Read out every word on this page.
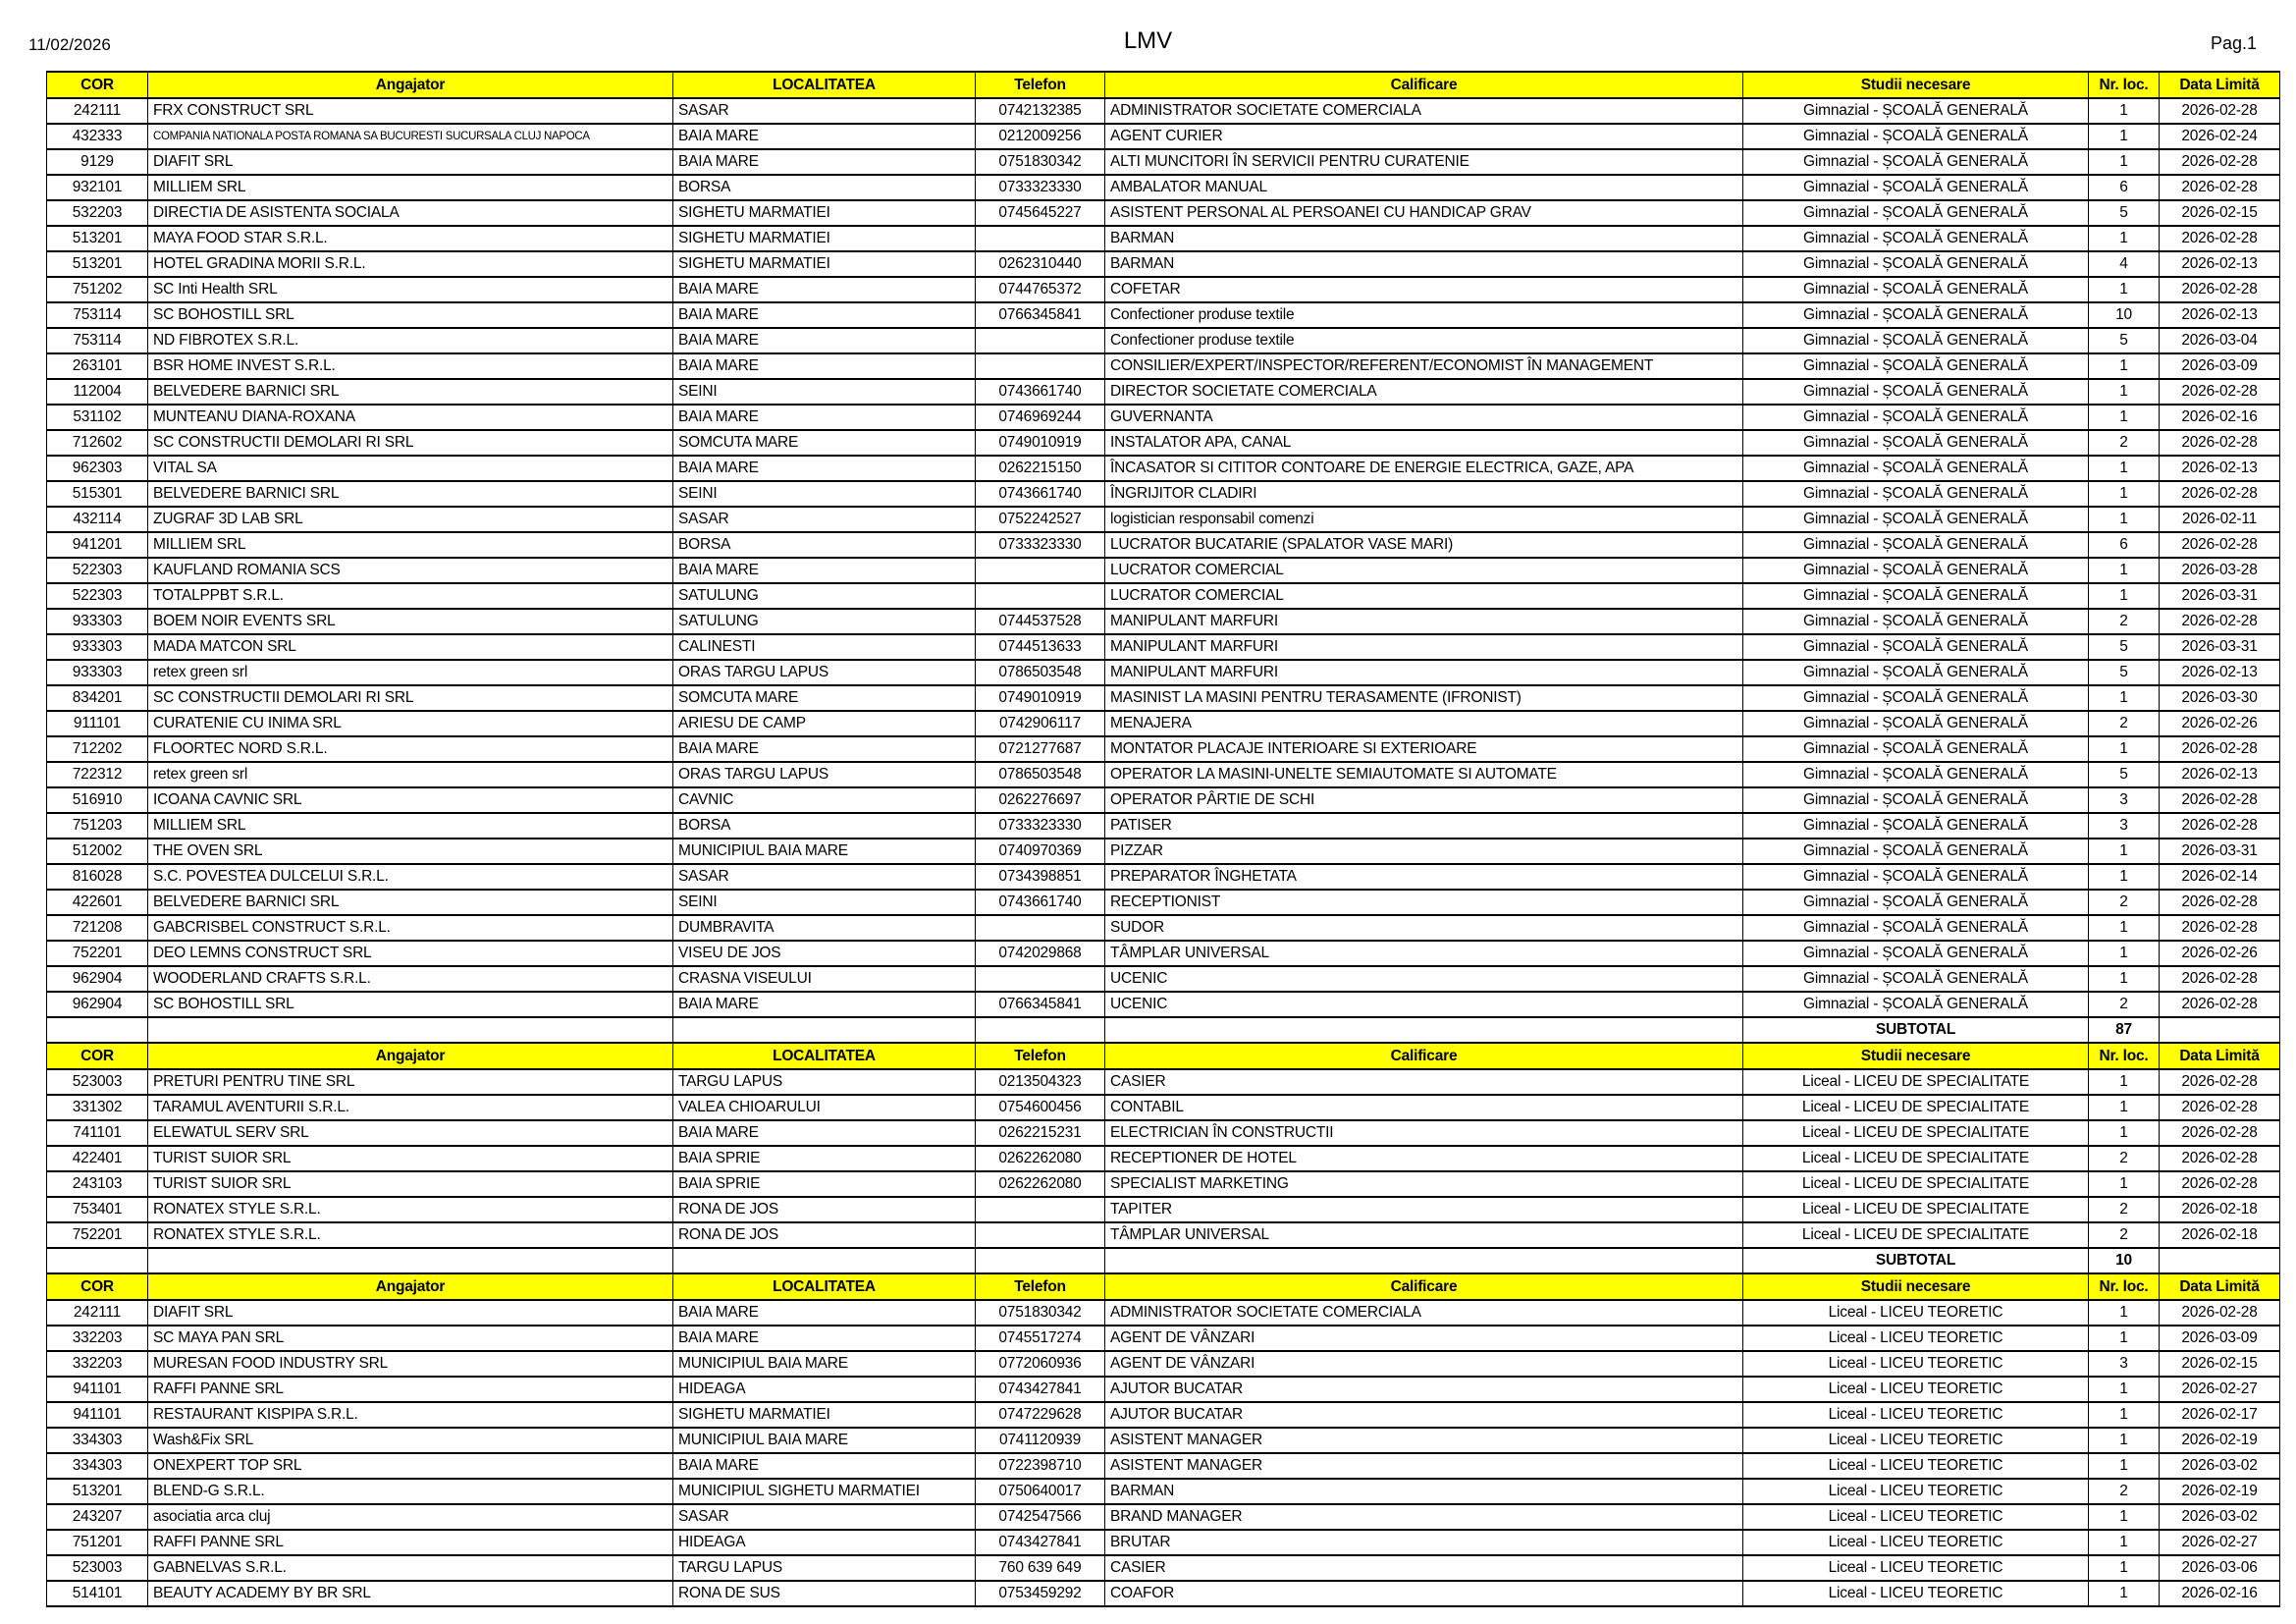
11/02/2026	LMV	Pag.1
COR	Angajator	LOCALITATEA	Telefon	Calificare	Studii necesare	Nr. loc.	Data Limită
242111	FRX CONSTRUCT SRL	SASAR	0742132385	ADMINISTRATOR SOCIETATE COMERCIALA	Gimnazial - ȘCOALĂ GENERALĂ	1	2026-02-28
432333	COMPANIA NATIONALA POSTA ROMANA SA BUCURESTI SUCURSALA CLUJ NAPOCA	BAIA MARE	0212009256	AGENT CURIER	Gimnazial - ȘCOALĂ GENERALĂ	1	2026-02-24
9129	DIAFIT SRL	BAIA MARE	0751830342	ALTI MUNCITORI ÎN SERVICII PENTRU CURATENIE	Gimnazial - ȘCOALĂ GENERALĂ	1	2026-02-28
932101	MILLIEM SRL	BORSA	0733323330	AMBALATOR MANUAL	Gimnazial - ȘCOALĂ GENERALĂ	6	2026-02-28
532203	DIRECTIA DE ASISTENTA SOCIALA	SIGHETU MARMATIEI	0745645227	ASISTENT PERSONAL AL PERSOANEI CU HANDICAP GRAV	Gimnazial - ȘCOALĂ GENERALĂ	5	2026-02-15
513201	MAYA FOOD STAR S.R.L.	SIGHETU MARMATIEI		BARMAN	Gimnazial - ȘCOALĂ GENERALĂ	1	2026-02-28
513201	HOTEL GRADINA MORII S.R.L.	SIGHETU MARMATIEI	0262310440	BARMAN	Gimnazial - ȘCOALĂ GENERALĂ	4	2026-02-13
751202	SC Inti Health SRL	BAIA MARE	0744765372	COFETAR	Gimnazial - ȘCOALĂ GENERALĂ	1	2026-02-28
753114	SC BOHOSTILL SRL	BAIA MARE	0766345841	Confectioner produse textile	Gimnazial - ȘCOALĂ GENERALĂ	10	2026-02-13
753114	ND FIBROTEX S.R.L.	BAIA MARE		Confectioner produse textile	Gimnazial - ȘCOALĂ GENERALĂ	5	2026-03-04
263101	BSR HOME INVEST S.R.L.	BAIA MARE		CONSILIER/EXPERT/INSPECTOR/REFERENT/ECONOMIST ÎN MANAGEMENT	Gimnazial - ȘCOALĂ GENERALĂ	1	2026-03-09
112004	BELVEDERE BARNICI SRL	SEINI	0743661740	DIRECTOR SOCIETATE COMERCIALA	Gimnazial - ȘCOALĂ GENERALĂ	1	2026-02-28
531102	MUNTEANU DIANA-ROXANA	BAIA MARE	0746969244	GUVERNANTA	Gimnazial - ȘCOALĂ GENERALĂ	1	2026-02-16
712602	SC CONSTRUCTII DEMOLARI RI SRL	SOMCUTA MARE	0749010919	INSTALATOR APA, CANAL	Gimnazial - ȘCOALĂ GENERALĂ	2	2026-02-28
962303	VITAL SA	BAIA MARE	0262215150	ÎNCASATOR SI CITITOR CONTOARE DE ENERGIE ELECTRICA, GAZE, APA	Gimnazial - ȘCOALĂ GENERALĂ	1	2026-02-13
515301	BELVEDERE BARNICI SRL	SEINI	0743661740	ÎNGRIJITOR CLADIRI	Gimnazial - ȘCOALĂ GENERALĂ	1	2026-02-28
432114	ZUGRAF 3D LAB SRL	SASAR	0752242527	logistician responsabil comenzi	Gimnazial - ȘCOALĂ GENERALĂ	1	2026-02-11
941201	MILLIEM SRL	BORSA	0733323330	LUCRATOR BUCATARIE (SPALATOR VASE MARI)	Gimnazial - ȘCOALĂ GENERALĂ	6	2026-02-28
522303	KAUFLAND ROMANIA SCS	BAIA MARE		LUCRATOR COMERCIAL	Gimnazial - ȘCOALĂ GENERALĂ	1	2026-03-28
522303	TOTALPPBT S.R.L.	SATULUNG		LUCRATOR COMERCIAL	Gimnazial - ȘCOALĂ GENERALĂ	1	2026-03-31
933303	BOEM NOIR EVENTS SRL	SATULUNG	0744537528	MANIPULANT MARFURI	Gimnazial - ȘCOALĂ GENERALĂ	2	2026-02-28
933303	MADA MATCON SRL	CALINESTI	0744513633	MANIPULANT MARFURI	Gimnazial - ȘCOALĂ GENERALĂ	5	2026-03-31
933303	retex green srl	ORAS TARGU LAPUS	0786503548	MANIPULANT MARFURI	Gimnazial - ȘCOALĂ GENERALĂ	5	2026-02-13
834201	SC CONSTRUCTII DEMOLARI RI SRL	SOMCUTA MARE	0749010919	MASINIST LA MASINI PENTRU TERASAMENTE (IFRONIST)	Gimnazial - ȘCOALĂ GENERALĂ	1	2026-03-30
911101	CURATENIE CU INIMA SRL	ARIESU DE CAMP	0742906117	MENAJERA	Gimnazial - ȘCOALĂ GENERALĂ	2	2026-02-26
712202	FLOORTEC NORD S.R.L.	BAIA MARE	0721277687	MONTATOR PLACAJE INTERIOARE SI EXTERIOARE	Gimnazial - ȘCOALĂ GENERALĂ	1	2026-02-28
722312	retex green srl	ORAS TARGU LAPUS	0786503548	OPERATOR LA MASINI-UNELTE SEMIAUTOMATE SI AUTOMATE	Gimnazial - ȘCOALĂ GENERALĂ	5	2026-02-13
516910	ICOANA CAVNIC SRL	CAVNIC	0262276697	OPERATOR PÂRTIE DE SCHI	Gimnazial - ȘCOALĂ GENERALĂ	3	2026-02-28
751203	MILLIEM SRL	BORSA	0733323330	PATISER	Gimnazial - ȘCOALĂ GENERALĂ	3	2026-02-28
512002	THE OVEN SRL	MUNICIPIUL BAIA MARE	0740970369	PIZZAR	Gimnazial - ȘCOALĂ GENERALĂ	1	2026-03-31
816028	S.C. POVESTEA DULCELUI S.R.L.	SASAR	0734398851	PREPARATOR ÎNGHETATA	Gimnazial - ȘCOALĂ GENERALĂ	1	2026-02-14
422601	BELVEDERE BARNICI SRL	SEINI	0743661740	RECEPTIONIST	Gimnazial - ȘCOALĂ GENERALĂ	2	2026-02-28
721208	GABCRISBEL CONSTRUCT S.R.L.	DUMBRAVITA		SUDOR	Gimnazial - ȘCOALĂ GENERALĂ	1	2026-02-28
752201	DEO LEMNS CONSTRUCT SRL	VISEU DE JOS	0742029868	TÂMPLAR UNIVERSAL	Gimnazial - ȘCOALĂ GENERALĂ	1	2026-02-26
962904	WOODERLAND CRAFTS S.R.L.	CRASNA VISEULUI		UCENIC	Gimnazial - ȘCOALĂ GENERALĂ	1	2026-02-28
962904	SC BOHOSTILL SRL	BAIA MARE	0766345841	UCENIC	Gimnazial - ȘCOALĂ GENERALĂ	2	2026-02-28
					SUBTOTAL	87	
COR	Angajator	LOCALITATEA	Telefon	Calificare	Studii necesare	Nr. loc.	Data Limită
523003	PRETURI PENTRU TINE SRL	TARGU LAPUS	0213504323	CASIER	Liceal - LICEU DE SPECIALITATE	1	2026-02-28
331302	TARAMUL AVENTURII S.R.L.	VALEA CHIOARULUI	0754600456	CONTABIL	Liceal - LICEU DE SPECIALITATE	1	2026-02-28
741101	ELEWATUL SERV SRL	BAIA MARE	0262215231	ELECTRICIAN ÎN CONSTRUCTII	Liceal - LICEU DE SPECIALITATE	1	2026-02-28
422401	TURIST SUIOR SRL	BAIA SPRIE	0262262080	RECEPTIONER DE HOTEL	Liceal - LICEU DE SPECIALITATE	2	2026-02-28
243103	TURIST SUIOR SRL	BAIA SPRIE	0262262080	SPECIALIST MARKETING	Liceal - LICEU DE SPECIALITATE	1	2026-02-28
753401	RONATEX STYLE S.R.L.	RONA DE JOS		TAPITER	Liceal - LICEU DE SPECIALITATE	2	2026-02-18
752201	RONATEX STYLE S.R.L.	RONA DE JOS		TÂMPLAR UNIVERSAL	Liceal - LICEU DE SPECIALITATE	2	2026-02-18
					SUBTOTAL	10	
COR	Angajator	LOCALITATEA	Telefon	Calificare	Studii necesare	Nr. loc.	Data Limită
242111	DIAFIT SRL	BAIA MARE	0751830342	ADMINISTRATOR SOCIETATE COMERCIALA	Liceal - LICEU TEORETIC	1	2026-02-28
332203	SC MAYA PAN SRL	BAIA MARE	0745517274	AGENT DE VÂNZARI	Liceal - LICEU TEORETIC	1	2026-03-09
332203	MURESAN FOOD INDUSTRY SRL	MUNICIPIUL BAIA MARE	0772060936	AGENT DE VÂNZARI	Liceal - LICEU TEORETIC	3	2026-02-15
941101	RAFFI PANNE SRL	HIDEAGA	0743427841	AJUTOR BUCATAR	Liceal - LICEU TEORETIC	1	2026-02-27
941101	RESTAURANT KISPIPA S.R.L.	SIGHETU MARMATIEI	0747229628	AJUTOR BUCATAR	Liceal - LICEU TEORETIC	1	2026-02-17
334303	Wash&Fix SRL	MUNICIPIUL BAIA MARE	0741120939	ASISTENT MANAGER	Liceal - LICEU TEORETIC	1	2026-02-19
334303	ONEXPERT TOP SRL	BAIA MARE	0722398710	ASISTENT MANAGER	Liceal - LICEU TEORETIC	1	2026-03-02
513201	BLEND-G S.R.L.	MUNICIPIUL SIGHETU MARMATIEI	0750640017	BARMAN	Liceal - LICEU TEORETIC	2	2026-02-19
243207	asociatia arca cluj	SASAR	0742547566	BRAND MANAGER	Liceal - LICEU TEORETIC	1	2026-03-02
751201	RAFFI PANNE SRL	HIDEAGA	0743427841	BRUTAR	Liceal - LICEU TEORETIC	1	2026-02-27
523003	GABNELVAS S.R.L.	TARGU LAPUS	760 639 649	CASIER	Liceal - LICEU TEORETIC	1	2026-03-06
514101	BEAUTY ACADEMY BY BR SRL	RONA DE SUS	0753459292	COAFOR	Liceal - LICEU TEORETIC	1	2026-02-16
